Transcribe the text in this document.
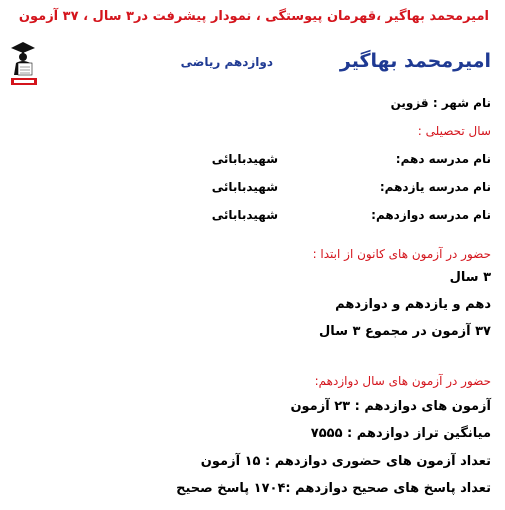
امیرمحمد بهاگیر ،قهرمان پیوستگی ، نمودار پیشرفت در۳ سال ، ۳۷ آزمون
امیرمحمد بهاگیر
دوازدهم ریاضی
نام شهر : قزوین
سال تحصیلی :
نام مدرسه دهم:
شهیدبابائی
نام مدرسه یازدهم:
شهیدبابائی
نام مدرسه دوازدهم:
شهیدبابائی
حضور در آزمون های کانون از ابتدا :
۳ سال
دهم و یازدهم و دوازدهم
۳۷ آزمون در مجموع ۳ سال
حضور در آزمون های سال دوازدهم:
آزمون های دوازدهم : ۲۳ آزمون
میانگین تراز دوازدهم : ۷۵۵۵
تعداد آزمون های حضوری دوازدهم : ۱۵ آزمون
تعداد پاسخ های صحیح دوازدهم :۱۷۰۴ پاسخ صحیح
